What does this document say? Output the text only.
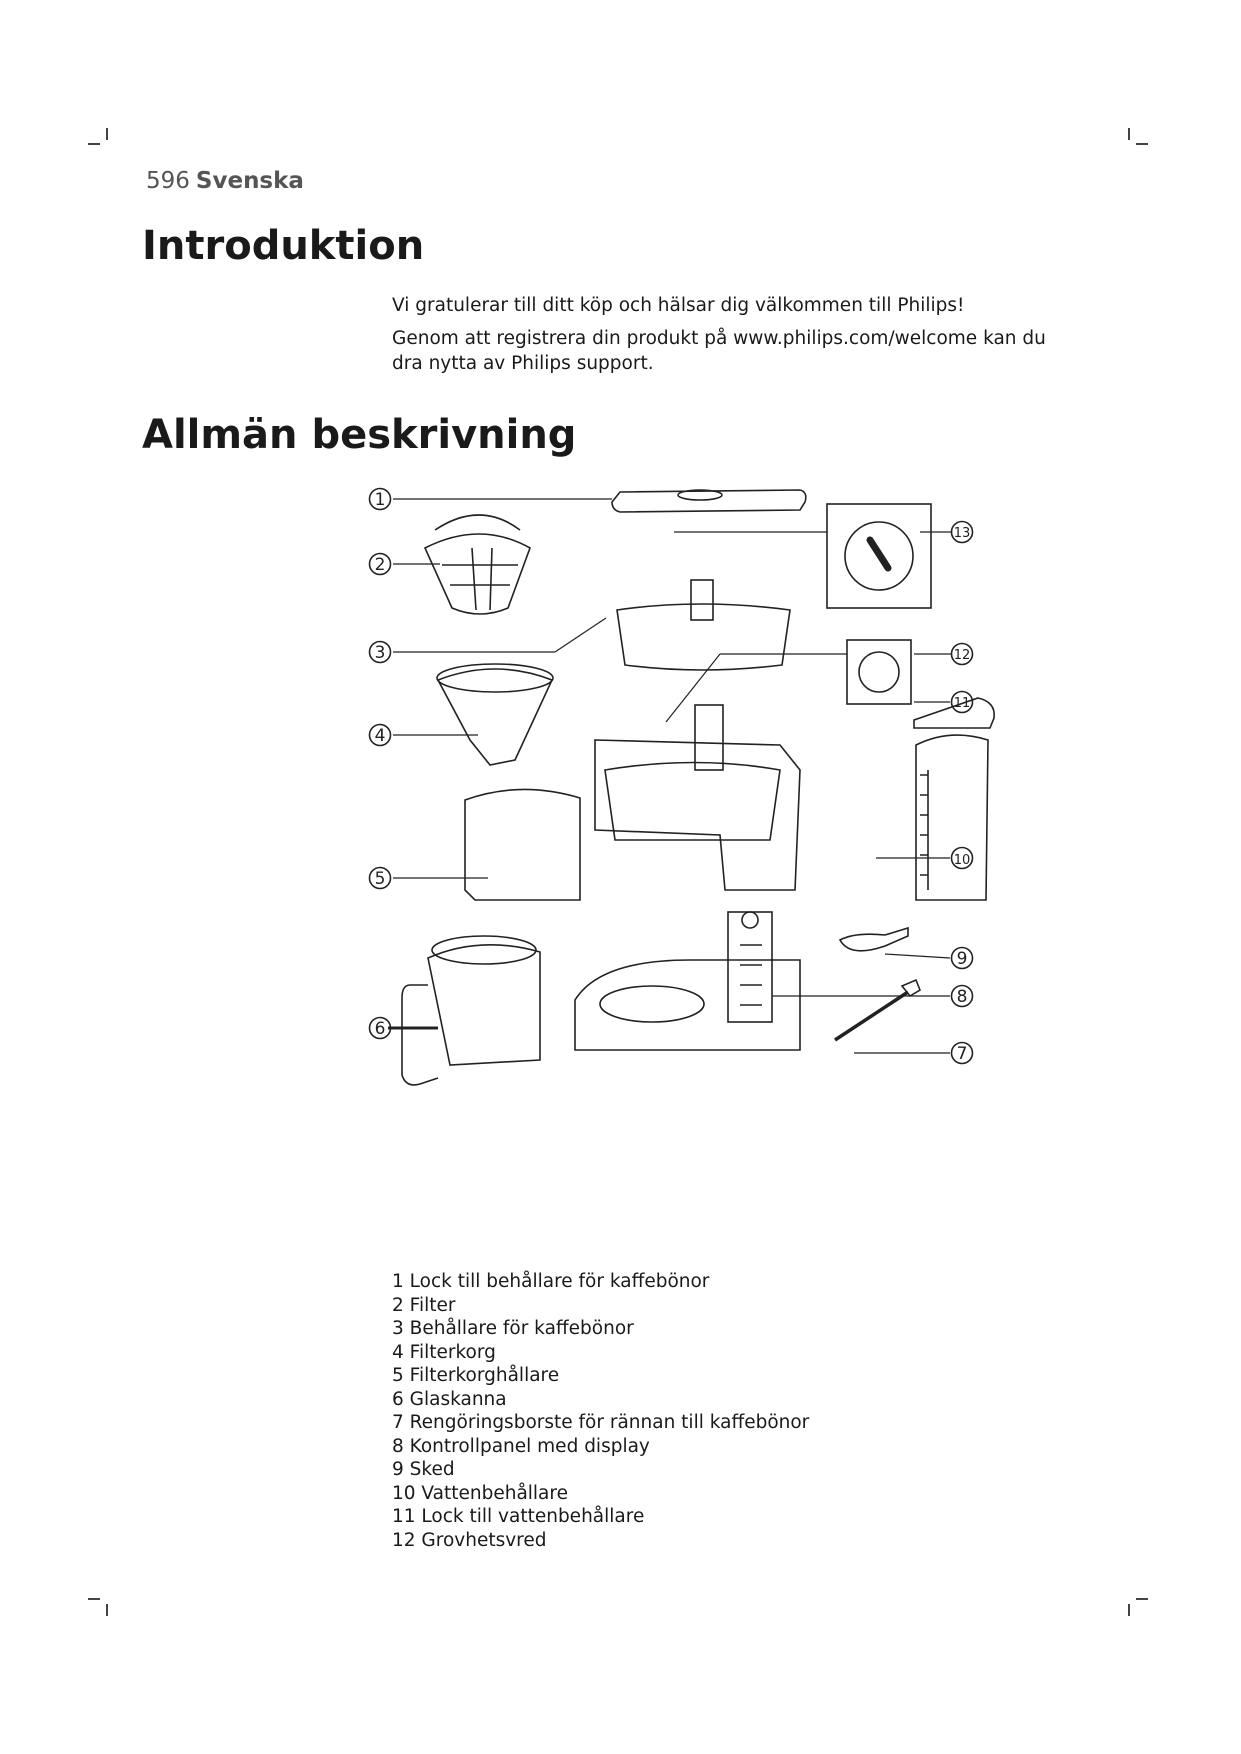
596 Svenska
Introduktion

Vi gratulerar till ditt köp och hälsar dig välkommen till Philips!

Genom att registrera din produkt på www.philips.com/welcome kan du dra nytta av Philips support.

Allmän beskrivning
1
2
3
4
5
6
7
8
9
10
11
12
13
1 Lock till behållare för kaffebönor
2 Filter
3 Behållare för kaffebönor
4 Filterkorg
5 Filterkorghållare
6 Glaskanna
7 Rengöringsborste för rännan till kaffebönor
8 Kontrollpanel med display
9 Sked
10 Vattenbehållare
11 Lock till vattenbehållare
12 Grovhetsvred
